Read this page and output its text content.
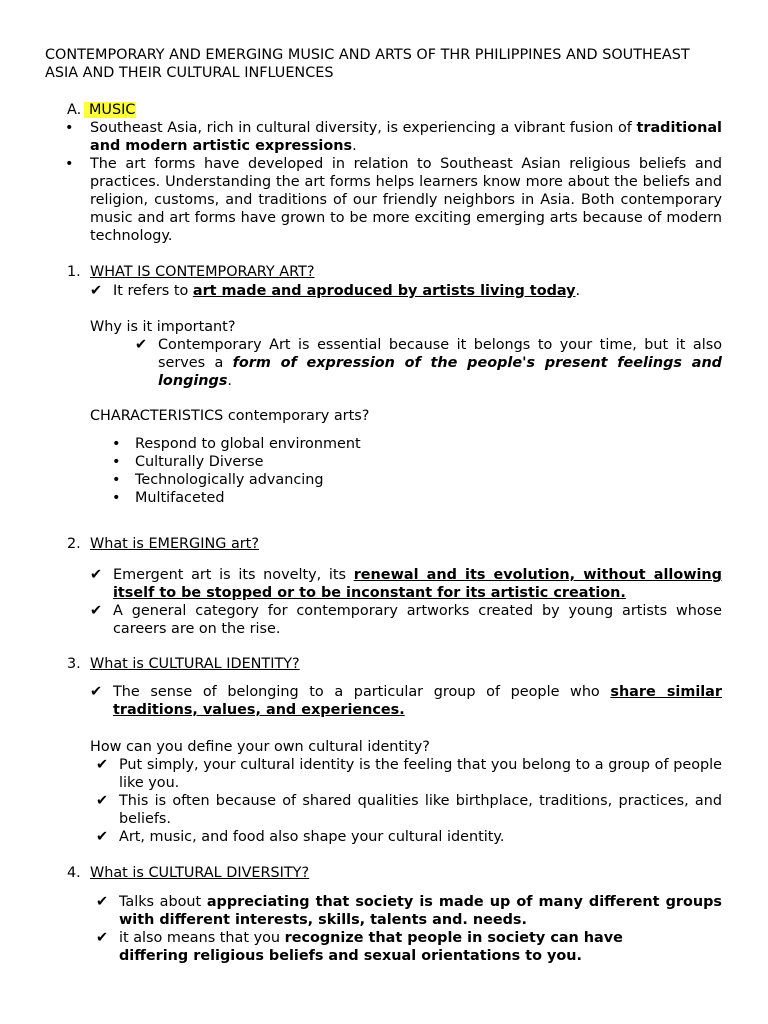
CONTEMPORARY AND EMERGING MUSIC AND ARTS OF THR PHILIPPINES AND SOUTHEAST ASIA AND THEIR CULTURAL INFLUENCES
A. MUSIC
• Southeast Asia, rich in cultural diversity, is experiencing a vibrant fusion of traditional and modern artistic expressions.
• The art forms have developed in relation to Southeast Asian religious beliefs and practices. Understanding the art forms helps learners know more about the beliefs and religion, customs, and traditions of our friendly neighbors in Asia. Both contemporary music and art forms have grown to be more exciting emerging arts because of modern technology.
1. WHAT IS CONTEMPORARY ART?
✔ It refers to art made and aproduced by artists living today.
Why is it important?
✔ Contemporary Art is essential because it belongs to your time, but it also serves a form of expression of the people's present feelings and longings.
CHARACTERISTICS contemporary arts?
• Respond to global environment
• Culturally Diverse
• Technologically advancing
• Multifaceted
2. What is EMERGING art?
✔ Emergent art is its novelty, its renewal and its evolution, without allowing itself to be stopped or to be inconstant for its artistic creation.
✔ A general category for contemporary artworks created by young artists whose careers are on the rise.
3. What is CULTURAL IDENTITY?
✔ The sense of belonging to a particular group of people who share similar traditions, values, and experiences.
How can you define your own cultural identity?
✔ Put simply, your cultural identity is the feeling that you belong to a group of people like you.
✔ This is often because of shared qualities like birthplace, traditions, practices, and beliefs.
✔ Art, music, and food also shape your cultural identity.
4. What is CULTURAL DIVERSITY?
✔ Talks about appreciating that society is made up of many different groups with different interests, skills, talents and. needs.
✔ it also means that you recognize that people in society can have differing religious beliefs and sexual orientations to you.
